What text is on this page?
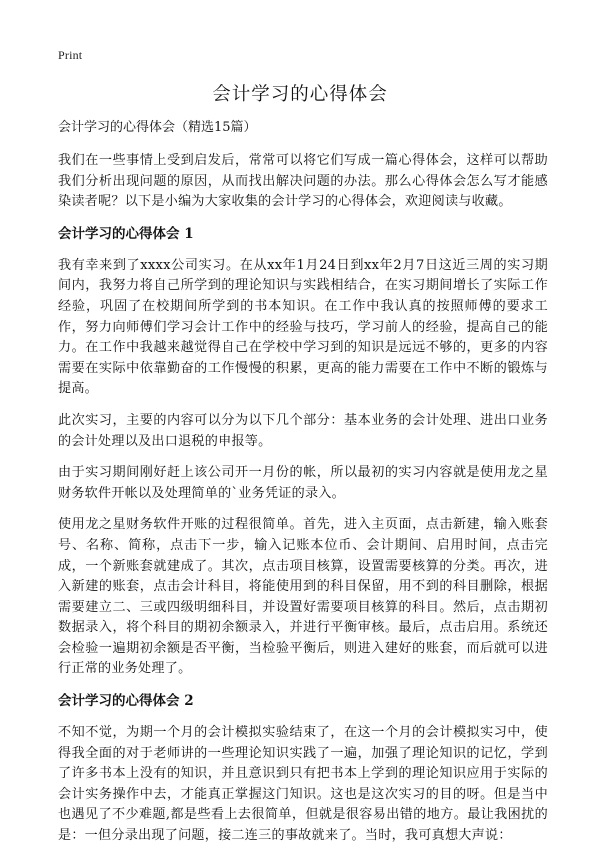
Print
会计学习的心得体会

会计学习的心得体会（精选15篇）

我们在一些事情上受到启发后，常常可以将它们写成一篇心得体会，这样可以帮助我们分析出现问题的原因，从而找出解决问题的办法。那么心得体会怎么写才能感染读者呢？以下是小编为大家收集的会计学习的心得体会，欢迎阅读与收藏。

会计学习的心得体会 1

我有幸来到了xxxx公司实习。在从xx年1月24日到xx年2月7日这近三周的实习期间内，我努力将自己所学到的理论知识与实践相结合，在实习期间增长了实际工作经验，巩固了在校期间所学到的书本知识。在工作中我认真的按照师傅的要求工作，努力向师傅们学习会计工作中的经验与技巧，学习前人的经验，提高自己的能力。在工作中我越来越觉得自己在学校中学习到的知识是远远不够的，更多的内容需要在实际中依靠勤奋的工作慢慢的积累，更高的能力需要在工作中不断的锻炼与提高。

此次实习，主要的内容可以分为以下几个部分：基本业务的会计处理、进出口业务的会计处理以及出口退税的申报等。

由于实习期间刚好赶上该公司开一月份的帐，所以最初的实习内容就是使用龙之星财务软件开帐以及处理简单的`业务凭证的录入。

使用龙之星财务软件开账的过程很简单。首先，进入主页面，点击新建，输入账套号、名称、简称，点击下一步，输入记账本位币、会计期间、启用时间，点击完成，一个新账套就建成了。其次，点击项目核算，设置需要核算的分类。再次，进入新建的账套，点击会计科目，将能使用到的科目保留，用不到的科目删除，根据需要建立二、三或四级明细科目，并设置好需要项目核算的科目。然后，点击期初数据录入，将个科目的期初余额录入，并进行平衡审核。最后，点击启用。系统还会检验一遍期初余额是否平衡，当检验平衡后，则进入建好的账套，而后就可以进行正常的业务处理了。

会计学习的心得体会 2

不知不觉，为期一个月的会计模拟实验结束了，在这一个月的会计模拟实习中，使得我全面的对于老师讲的一些理论知识实践了一遍，加强了理论知识的记忆，学到了许多书本上没有的知识，并且意识到只有把书本上学到的理论知识应用于实际的会计实务操作中去，才能真正掌握这门知识。这也是这次实习的目的呀。但是当中也遇见了不少难题,都是些看上去很简单，但就是很容易出错的地方。最让我困扰的是：一但分录出现了问题，接二连三的事故就来了。当时，我可真想大声说：
